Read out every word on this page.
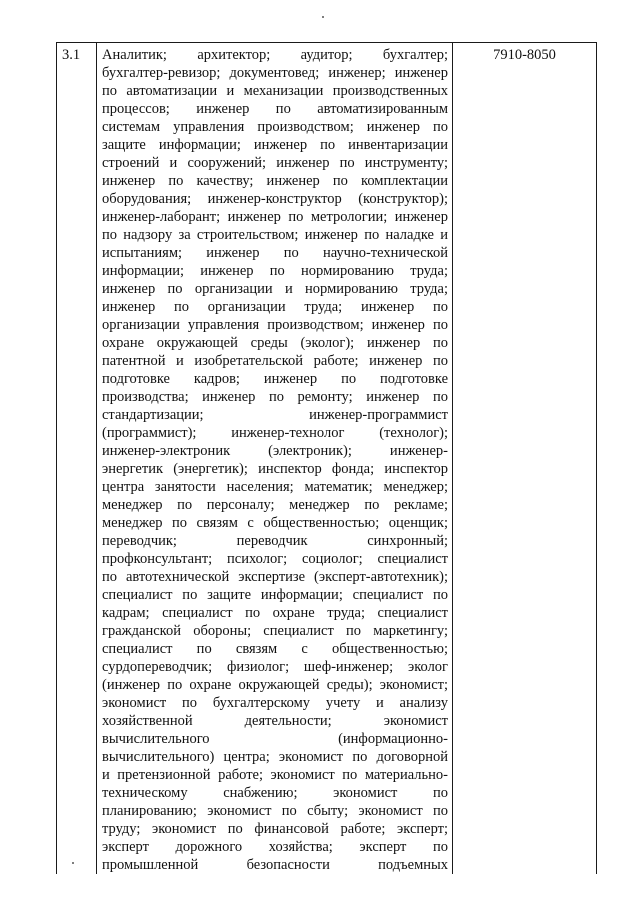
3.1	Аналитик; архитектор; аудитор; бухгалтер;
бухгалтер-ревизор; документовед; инженер; инженер
по автоматизации и механизации производственных
процессов; инженер по автоматизированным
системам управления производством; инженер по
защите информации; инженер по инвентаризации
строений и сооружений; инженер по инструменту;
инженер по качеству; инженер по комплектации
оборудования; инженер-конструктор (конструктор);
инженер-лаборант; инженер по метрологии; инженер
по надзору за строительством; инженер по наладке и
испытаниям; инженер по научно-технической
информации; инженер по нормированию труда;
инженер по организации и нормированию труда;
инженер по организации труда; инженер по
организации управления производством; инженер по
охране окружающей среды (эколог); инженер по
патентной и изобретательской работе; инженер по
подготовке кадров; инженер по подготовке
производства; инженер по ремонту; инженер по
стандартизации; инженер-программист
(программист); инженер-технолог (технолог);
инженер-электроник (электроник); инженер-
энергетик (энергетик); инспектор фонда; инспектор
центра занятости населения; математик; менеджер;
менеджер по персоналу; менеджер по рекламе;
менеджер по связям с общественностью; оценщик;
переводчик; переводчик синхронный;
профконсультант; психолог; социолог; специалист
по автотехнической экспертизе (эксперт-автотехник);
специалист по защите информации; специалист по
кадрам; специалист по охране труда; специалист
гражданской обороны; специалист по маркетингу;
специалист по связям с общественностью;
сурдопереводчик; физиолог; шеф-инженер; эколог
(инженер по охране окружающей среды); экономист;
экономист по бухгалтерскому учету и анализу
хозяйственной деятельности; экономист
вычислительного (информационно-
вычислительного) центра; экономист по договорной
и претензионной работе; экономист по материально-
техническому снабжению; экономист по
планированию; экономист по сбыту; экономист по
труду; экономист по финансовой работе; эксперт;
эксперт дорожного хозяйства; эксперт по
промышленной безопасности подъемных
	7910-8050
